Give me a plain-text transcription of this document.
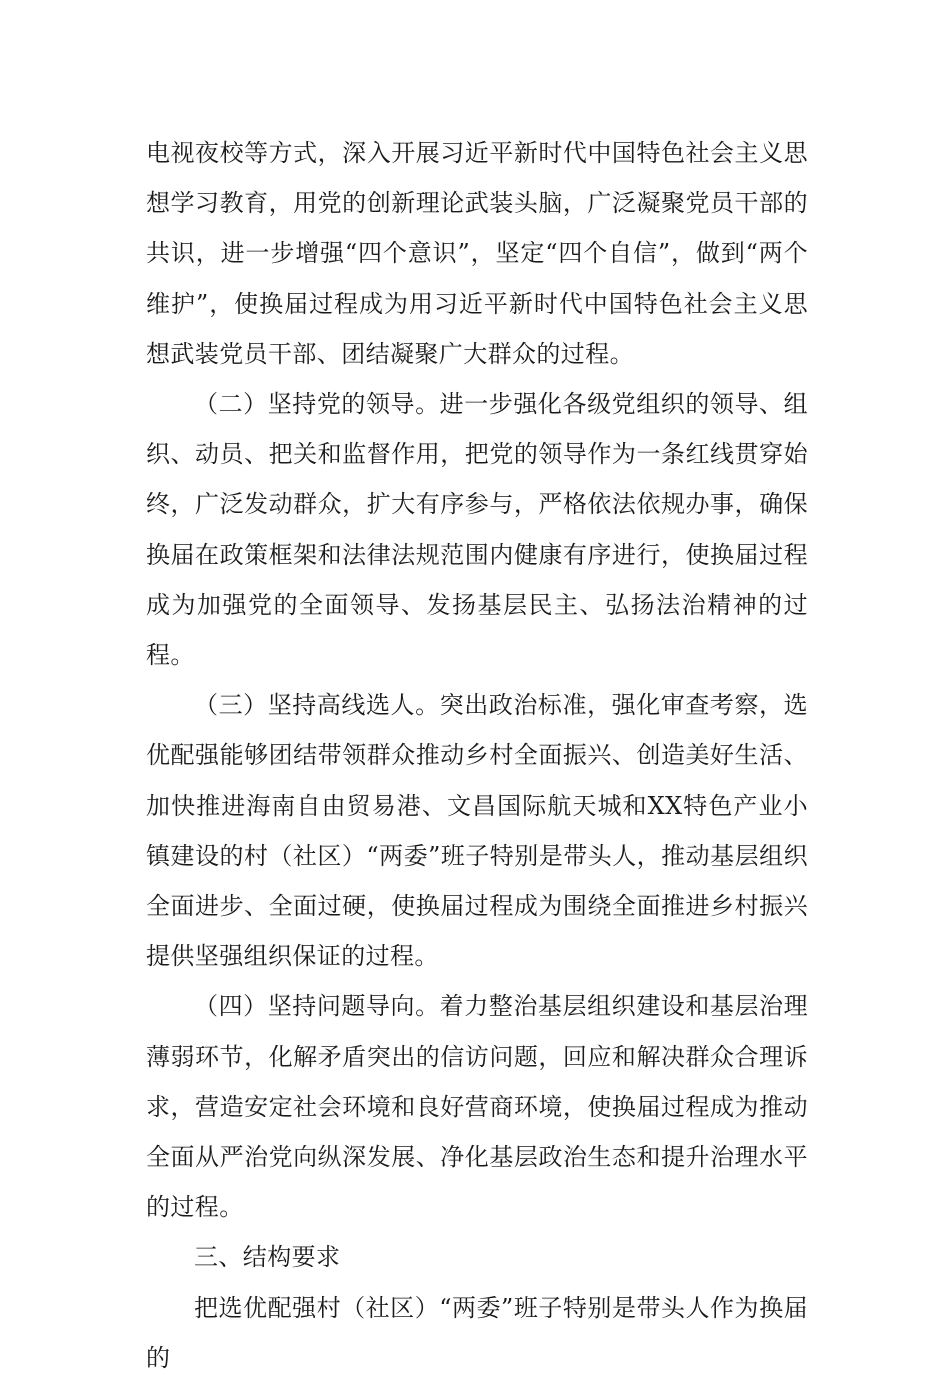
电视夜校等方式，深入开展习近平新时代中国特色社会主义思想学习教育，用党的创新理论武装头脑，广泛凝聚党员干部的共识，进一步增强“四个意识”，坚定“四个自信”，做到“两个维护”，使换届过程成为用习近平新时代中国特色社会主义思想武装党员干部、团结凝聚广大群众的过程。

（二）坚持党的领导。进一步强化各级党组织的领导、组织、动员、把关和监督作用，把党的领导作为一条红线贯穿始终，广泛发动群众，扩大有序参与，严格依法依规办事，确保换届在政策框架和法律法规范围内健康有序进行，使换届过程成为加强党的全面领导、发扬基层民主、弘扬法治精神的过程。

（三）坚持高线选人。突出政治标准，强化审查考察，选优配强能够团结带领群众推动乡村全面振兴、创造美好生活、加快推进海南自由贸易港、文昌国际航天城和XX特色产业小镇建设的村（社区）“两委”班子特别是带头人，推动基层组织全面进步、全面过硬，使换届过程成为围绕全面推进乡村振兴提供坚强组织保证的过程。

（四）坚持问题导向。着力整治基层组织建设和基层治理薄弱环节，化解矛盾突出的信访问题，回应和解决群众合理诉求，营造安定社会环境和良好营商环境，使换届过程成为推动全面从严治党向纵深发展、净化基层政治生态和提升治理水平的过程。

三、结构要求

把选优配强村（社区）“两委”班子特别是带头人作为换届的
